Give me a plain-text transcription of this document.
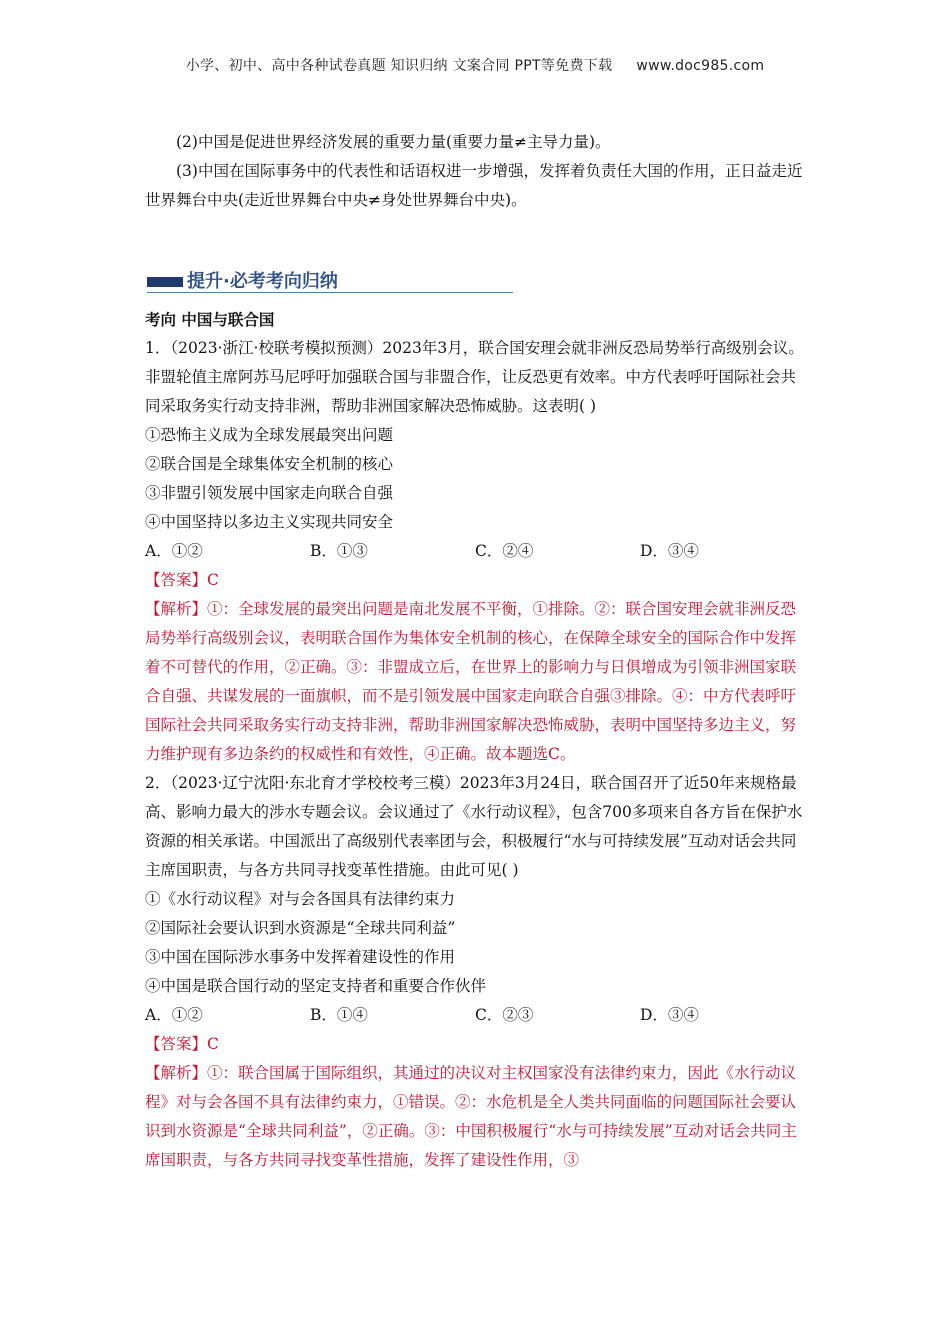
小学、初中、高中各种试卷真题 知识归纳 文案合同 PPT等免费下载 www.doc985.com

(2)中国是促进世界经济发展的重要力量(重要力量≠主导力量)。

(3)中国在国际事务中的代表性和话语权进一步增强，发挥着负责任大国的作用，正日益走近世界舞台中央(走近世界舞台中央≠身处世界舞台中央)。

提升·必考考向归纳

考向 中国与联合国

1．（2023·浙江·校联考模拟预测）2023年3月，联合国安理会就非洲反恐局势举行高级别会议。非盟轮值主席阿苏马尼呼吁加强联合国与非盟合作，让反恐更有效率。中方代表呼吁国际社会共同采取务实行动支持非洲，帮助非洲国家解决恐怖威胁。这表明( )

①恐怖主义成为全球发展最突出问题

②联合国是全球集体安全机制的核心

③非盟引领发展中国家走向联合自强

④中国坚持以多边主义实现共同安全

A．①②	B．①③	C．②④	D．③④

【答案】C

【解析】①：全球发展的最突出问题是南北发展不平衡，①排除。②：联合国安理会就非洲反恐局势举行高级别会议，表明联合国作为集体安全机制的核心，在保障全球安全的国际合作中发挥着不可替代的作用，②正确。③：非盟成立后，在世界上的影响力与日俱增成为引领非洲国家联合自强、共谋发展的一面旗帜，而不是引领发展中国家走向联合自强③排除。④：中方代表呼吁国际社会共同采取务实行动支持非洲，帮助非洲国家解决恐怖威胁，表明中国坚持多边主义，努力维护现有多边条约的权威性和有效性，④正确。故本题选C。

2．（2023·辽宁沈阳·东北育才学校校考三模）2023年3月24日，联合国召开了近50年来规格最高、影响力最大的涉水专题会议。会议通过了《水行动议程》，包含700多项来自各方旨在保护水资源的相关承诺。中国派出了高级别代表率团与会，积极履行“水与可持续发展”互动对话会共同主席国职责，与各方共同寻找变革性措施。由此可见( )

①《水行动议程》对与会各国具有法律约束力

②国际社会要认识到水资源是“全球共同利益”

③中国在国际涉水事务中发挥着建设性的作用

④中国是联合国行动的坚定支持者和重要合作伙伴

A．①②	B．①④	C．②③	D．③④

【答案】C

【解析】①：联合国属于国际组织，其通过的决议对主权国家没有法律约束力，因此《水行动议程》对与会各国不具有法律约束力，①错误。②：水危机是全人类共同面临的问题国际社会要认识到水资源是“全球共同利益”，②正确。③：中国积极履行“水与可持续发展”互动对话会共同主席国职责，与各方共同寻找变革性措施，发挥了建设性作用，③
